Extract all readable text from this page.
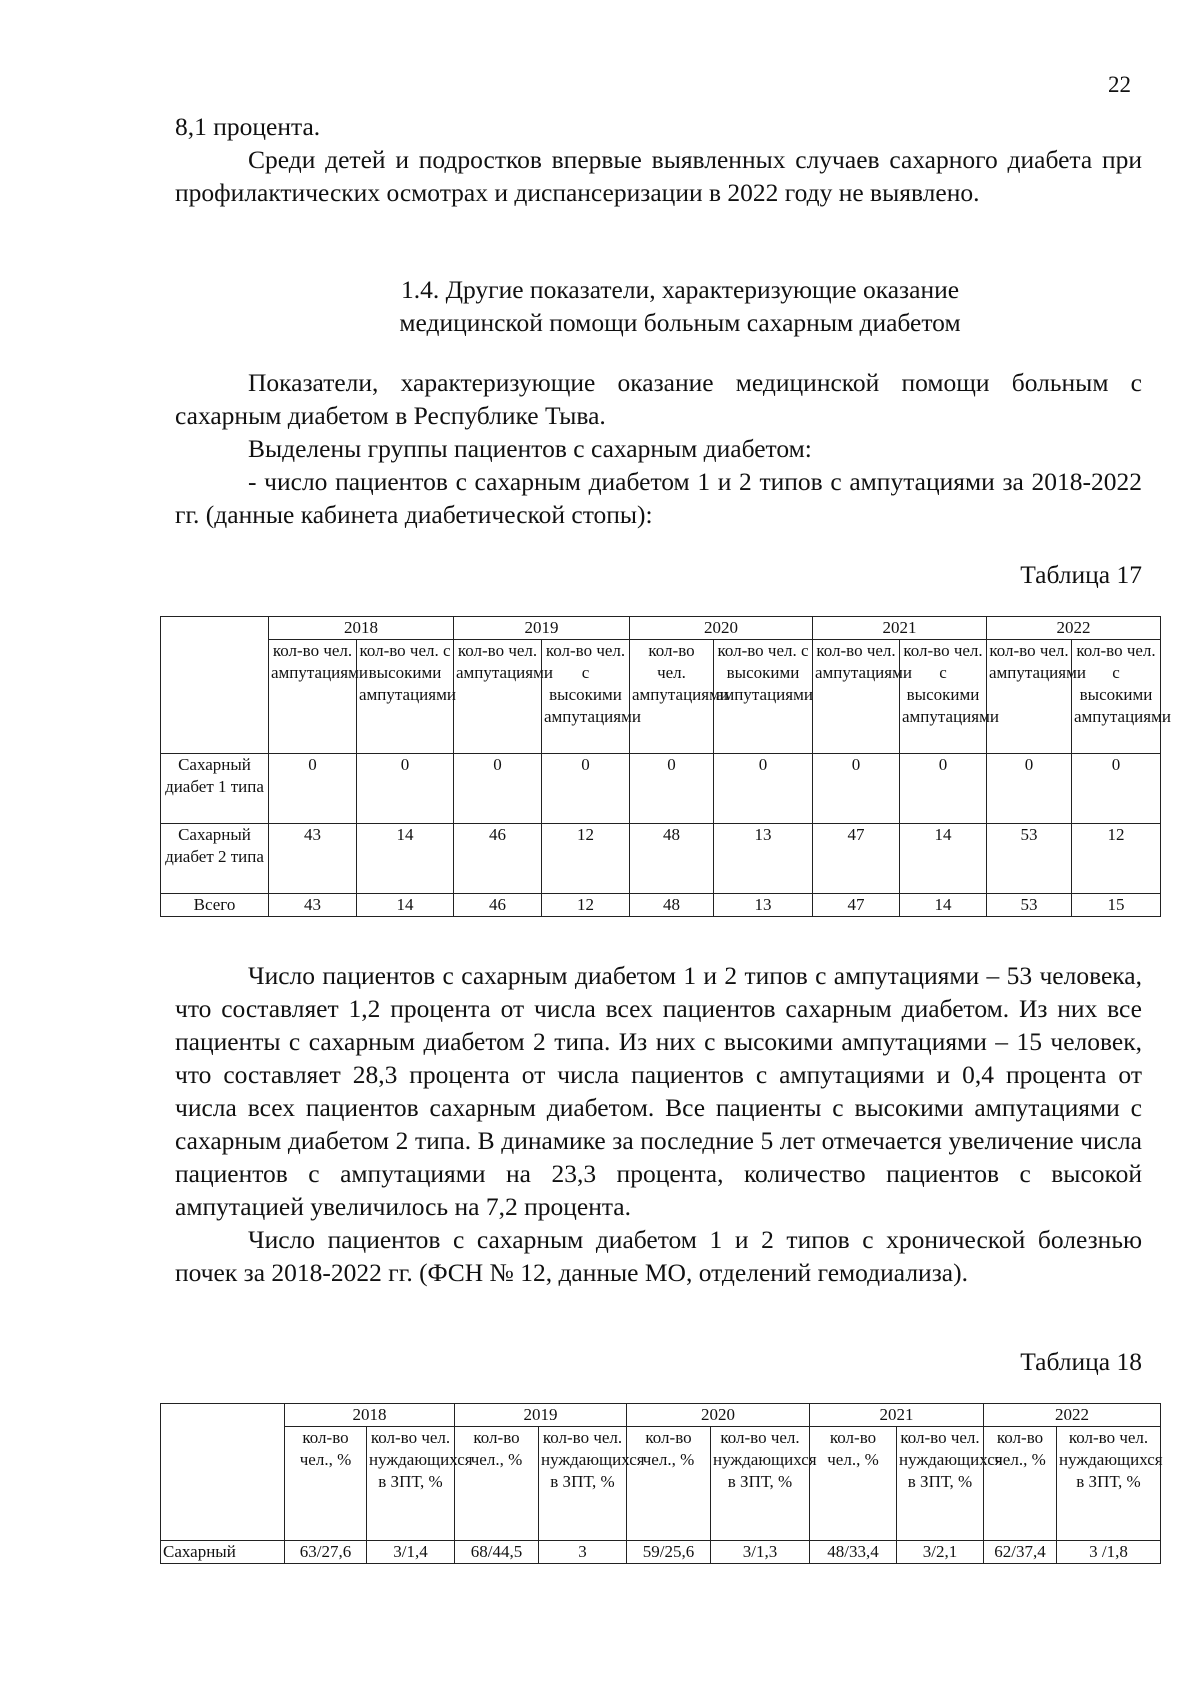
22

8,1 процента.

Среди детей и подростков впервые выявленных случаев сахарного диабета при профилактических осмотрах и диспансеризации в 2022 году не выявлено.

1.4. Другие показатели, характеризующие оказание
медицинской помощи больным сахарным диабетом

Показатели, характеризующие оказание медицинской помощи больным с сахарным диабетом в Республике Тыва.

Выделены группы пациентов с сахарным диабетом:

- число пациентов с сахарным диабетом 1 и 2 типов с ампутациями за 2018-2022 гг. (данные кабинета диабетической стопы):

Таблица 17
	2018		2019		2020		2021		2022	
	кол-во чел. ампутациями	кол-во чел. с высокими ампутациями	кол-во чел. ампутациями	кол-во чел. с высокими ампутациями	кол-во чел. ампутациями	кол-во чел. с высокими ампутациями	кол-во чел. ампутациями	кол-во чел. с высокими ампутациями	кол-во чел. ампутациями	кол-во чел. с высокими ампутациями
Сахарный диабет 1 типа	0	0	0	0	0	0	0	0	0	0
Сахарный диабет 2 типа	43	14	46	12	48	13	47	14	53	12
Всего	43	14	46	12	48	13	47	14	53	15

Число пациентов с сахарным диабетом 1 и 2 типов с ампутациями – 53 человека, что составляет 1,2 процента от числа всех пациентов сахарным диабетом. Из них все пациенты с сахарным диабетом 2 типа. Из них с высокими ампутациями – 15 человек, что составляет 28,3 процента от числа пациентов с ампутациями и 0,4 процента от числа всех пациентов сахарным диабетом. Все пациенты с высокими ампутациями с сахарным диабетом 2 типа. В динамике за последние 5 лет отмечается увеличение числа пациентов с ампутациями на 23,3 процента, количество пациентов с высокой ампутацией увеличилось на 7,2 процента.

Число пациентов с сахарным диабетом 1 и 2 типов с хронической болезнью почек за 2018-2022 гг. (ФСН № 12, данные МО, отделений гемодиализа).

Таблица 18
	2018		2019		2020		2021		2022	
	кол-во чел., %	кол-во чел. нуждающихся в ЗПТ, %	кол-во чел., %	кол-во чел. нуждающихся в ЗПТ, %	кол-во чел., %	кол-во чел. нуждающихся в ЗПТ, %	кол-во чел., %	кол-во чел. нуждающихся в ЗПТ, %	кол-во чел., %	кол-во чел. нуждающихся в ЗПТ, %
Сахарный	63/27,6	3/1,4	68/44,5	3	59/25,6	3/1,3	48/33,4	3/2,1	62/37,4	3 /1,8
